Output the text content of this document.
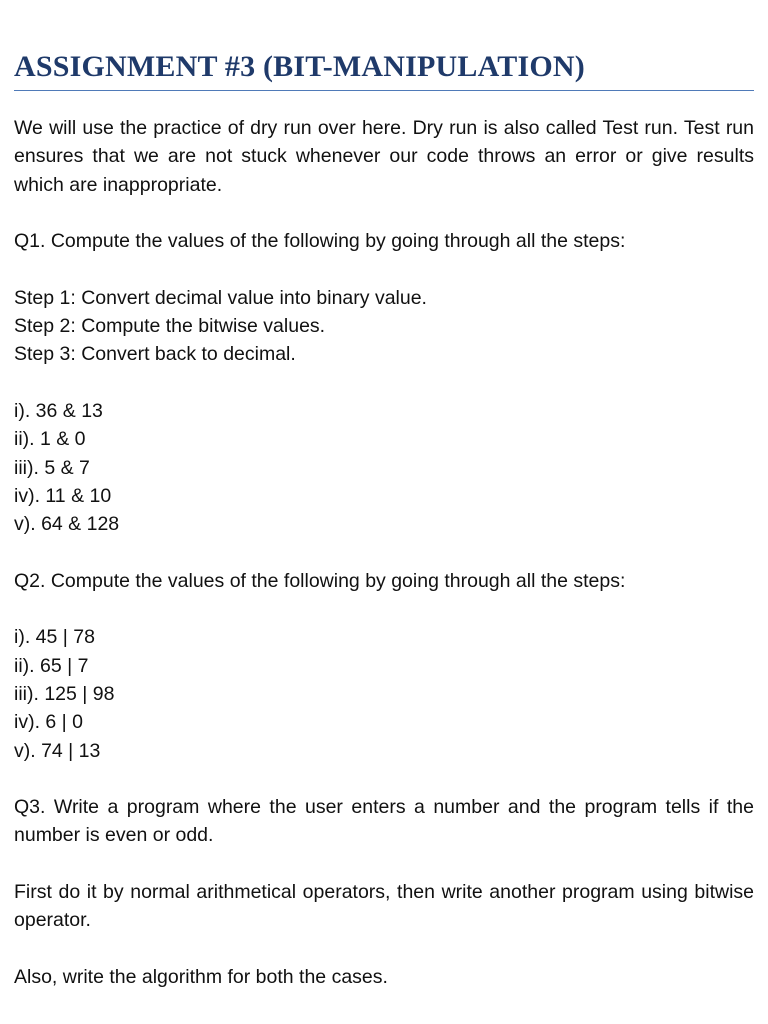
ASSIGNMENT #3 (BIT-MANIPULATION)

We will use the practice of dry run over here. Dry run is also called Test run. Test run ensures that we are not stuck whenever our code throws an error or give results which are inappropriate.

Q1. Compute the values of the following by going through all the steps:
Step 1: Convert decimal value into binary value.
Step 2: Compute the bitwise values.
Step 3: Convert back to decimal.
i). 36 & 13
ii). 1 & 0
iii). 5 & 7
iv). 11 & 10
v). 64 & 128
Q2. Compute the values of the following by going through all the steps:
i). 45 | 78
ii). 65 | 7
iii). 125 | 98
iv). 6 | 0
v). 74 | 13
Q3. Write a program where the user enters a number and the program tells if the number is even or odd.
First do it by normal arithmetical operators, then write another program using bitwise operator.
Also, write the algorithm for both the cases.
